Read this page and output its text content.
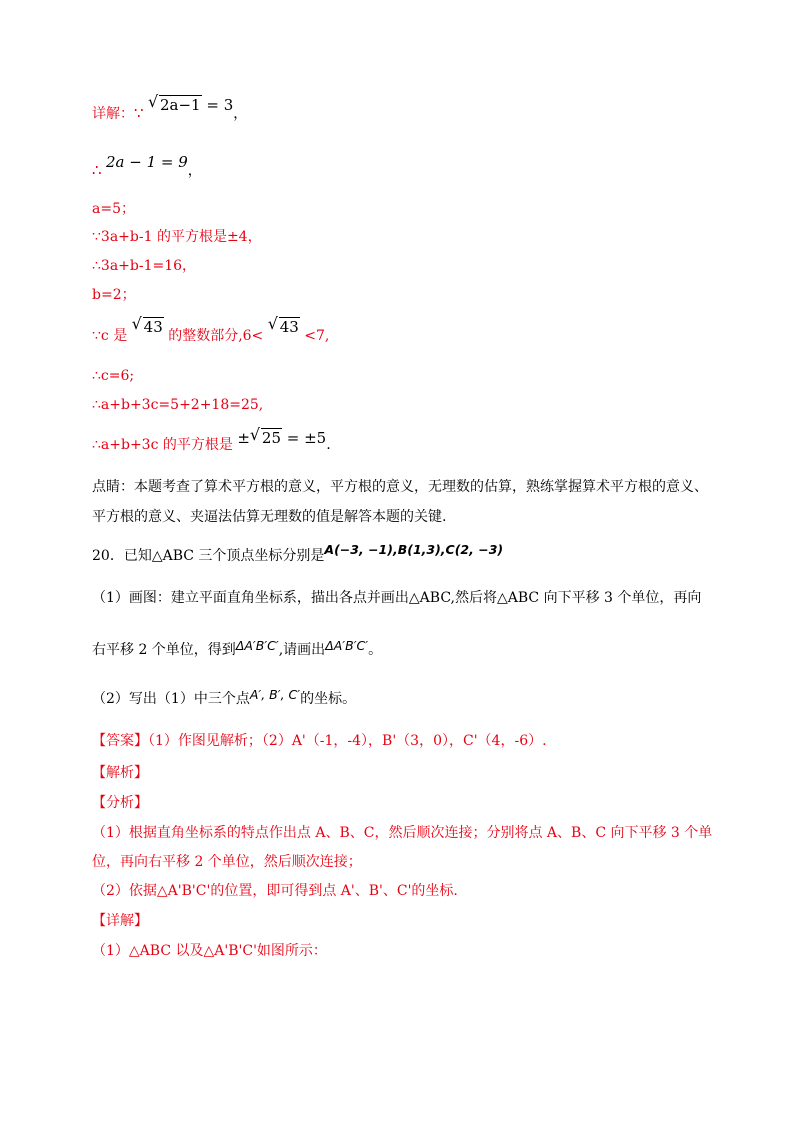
详解：∵ √ 2a−1 = 3，
∴ 2a − 1 = 9，
a=5；
∵3a+b-1 的平方根是±4，
∴3a+b-1=16，
b=2；
∵c 是 √ 43 的整数部分,6< √ 43 <7,
∴c=6;
∴a+b+3c=5+2+18=25,
∴a+b+3c 的平方根是 ± √ 25 = ±5.
点睛：本题考查了算术平方根的意义，平方根的意义，无理数的估算，熟练掌握算术平方根的意义、
平方根的意义、夹逼法估算无理数的值是解答本题的关键.
20．已知△ABC 三个顶点坐标分别是A(−3, −1),B(1,3),C(2, −3)
（1）画图：建立平面直角坐标系，描出各点并画出△ABC,然后将△ABC 向下平移 3 个单位，再向
右平移 2 个单位，得到ΔA′B′C′,请画出ΔA′B′C′。
（2）写出（1）中三个点A′, B′, C′的坐标。
【答案】（1）作图见解析；（2）A'（-1，-4），B'（3，0），C'（4，-6）.
【解析】
【分析】
（1）根据直角坐标系的特点作出点 A、B、C，然后顺次连接；分别将点 A、B、C 向下平移 3 个单
位，再向右平移 2 个单位，然后顺次连接；
（2）依据△A'B'C'的位置，即可得到点 A'、B'、C'的坐标.
【详解】
（1）△ABC 以及△A'B'C'如图所示：
